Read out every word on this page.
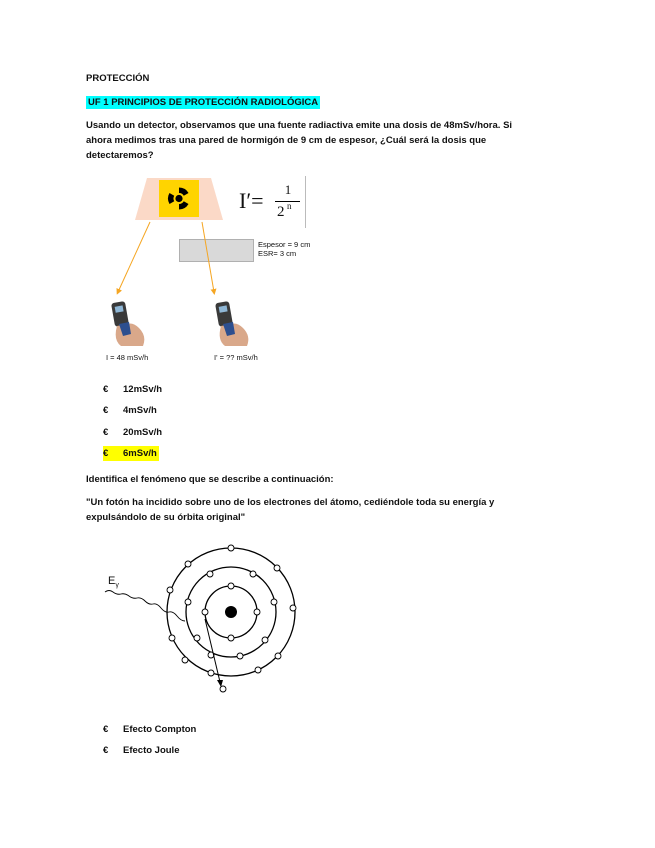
PROTECCIÓN
UF 1 PRINCIPIOS DE PROTECCIÓN RADIOLÓGICA
Usando un detector, observamos que una fuente radiactiva emite una dosis de 48mSv/hora. Si
ahora medimos tras una pared de hormigón de 9 cm de espesor, ¿Cuál será la dosis que
detectaremos?
I′=	1
2 n
Espesor = 9 cm
ESR= 3 cm
I = 48 mSv/h	I' = ?? mSv/h
€ 12mSv/h
€ 4mSv/h
€ 20mSv/h
€ 6mSv/h
Identifica el fenómeno que se describe a continuación:
"Un fotón ha incidido sobre uno de los electrones del átomo, cediéndole toda su energía y
expulsándolo de su órbita original"
$E_\gamma$
€ Efecto Compton
€ Efecto Joule
